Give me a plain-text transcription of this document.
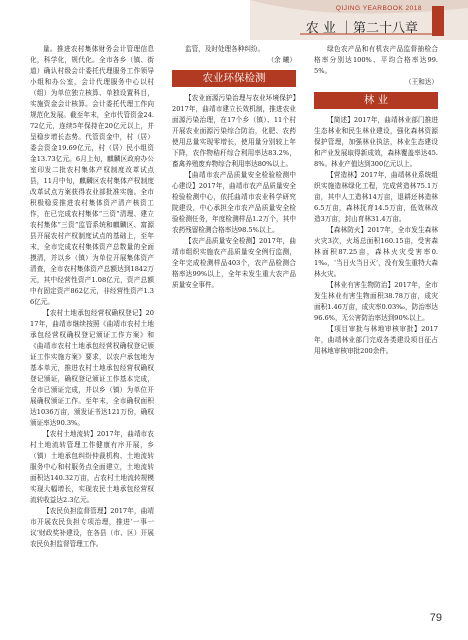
QIJING YEARBOOK 2018
农 业 ｜第二十八章

量。推进农村集体财务会计管理信息化，科学化，规代化。全市各乡（镇、街道）确认村级会计委托代理服务工作领导小组和办公室，会计代理服务中心以村（组）为单位独立核算、单独设置科目，实施资金会计核算。会计委托代理工作向规范化发展。截至年末，全市代管资金24.72亿元，连续5年保持在20亿元以上，并呈稳步增长态势。代管资金中，村（居）委会资金19.69亿元，村（居）民小组资金13.73亿元。6月上旬，麒麟区政府办公室印发二批农村集体产权制度改革试点县，11月中旬，麒麟区农村集体产权制度改革试点方案获得农业部批准实施。全市积极稳妥推进农村集体资产清产核资工作，在已完成农村集体“三资”清理、建立农村集体“三资”监管系统和麒麟区、富源县开展农村产权制度试点的基础上，至年末，全市完成农村集体资产总数量的全面摸清，并以乡（镇）为单位开展集体资产清查，全市农村集体资产总额达到1842万元，其中经营性资产1.08亿元，资产总额中有固定资产862亿元，非经营性资产1.36亿元。

【农村土地承包经营权确权登记】2017年，曲靖市继续按照《曲靖市农村土地承包经营权确权登记颁证工作方案》和《曲靖市农村土地承包经营权确权登记颁证工作实施方案》要求，以农户承包地为基本单元，推进农村土地承包经营权确权登记颁证，确权登记颁证工作基本完成，全市已颁证完成，并以乡（镇）为单位开展确权颁证工作。至年末，全市确权面积达1036万亩，颁发证书达121万份，确权颁证率达90.3%。

【农村土地流转】2017年，曲靖市农村土地流转管理工作健康有序开展，乡（镇）土地承包纠纷仲裁机构、土地流转服务中心和村服务点全面建立，土地流转面积达140.32万亩，占农村土地流转规模实现大幅增长，实现农民土地承包经营权流转收益达2.3亿元。

【农民负担监督管理】2017年，曲靖市开展农民负担专项治理，推进‘一事一议’财政奖补建设，在各县（市、区）开展农民负担监督管理工作。

监管，及时处理各种纠纷。

（余 曦）

农业环保检测

【农业面源污染治理与农业环境保护】2017年，曲靖市建立长效机制，推进农业面源污染治理，在17个乡（镇）、11个村开展农业面源污染综合防治，化肥、农药使用总量实现零增长，使用量分别较上年下降，农作物秸秆综合利用率达83.2%，畜禽养殖废弃物综合利用率达80%以上。

【曲靖市农产品质量安全检验检测中心建设】2017年，曲靖市农产品质量安全检验检测中心，依托曲靖市农业科学研究院建设，中心承担全市农产品质量安全检验检测任务，年度检测样品1.2万个，其中农药残留检测合格率达98.5%以上。

【农产品质量安全检测】2017年，曲靖市组织实施农产品质量安全例行监测，全年完成检测样品403个，农产品检测合格率达99%以上，全年未发生重大农产品质量安全事件。

绿色农产品和有机农产品监督抽检合格率分别达100%、平均合格率达99.5%。

（王和达）

林 业

【简述】2017年，曲靖林业部门推进生态林业和民生林业建设，强化森林资源保护管理，加强林业执法，林业生态建设和产业发展取得新成效，森林覆盖率达45.8%。林业产值达到300亿元以上。

【营造林】2017年，曲靖林业系统组织实施造林绿化工程，完成营造林75.1万亩，其中人工造林14万亩，退耕还林造林6.5万亩，森林抚育14.5万亩，低效林改造3万亩，封山育林31.4万亩。

【森林防火】2017年，全市发生森林火灾3次，火场总面积160.15亩，受害森林面积87.25亩，森林火灾受害率0.1‰，‘当日火当日灭’，没有发生重特大森林火灾。

【林业有害生物防治】2017年，全市发生林业有害生物面积38.78万亩，成灾面积1.46万亩，成灾率0.03‰，防治率达96.6%，无公害防治率达到90%以上。

【项目审批与林地审核审批】2017年，曲靖林业部门完成各类建设项目征占用林地审核审批200余件。

79
